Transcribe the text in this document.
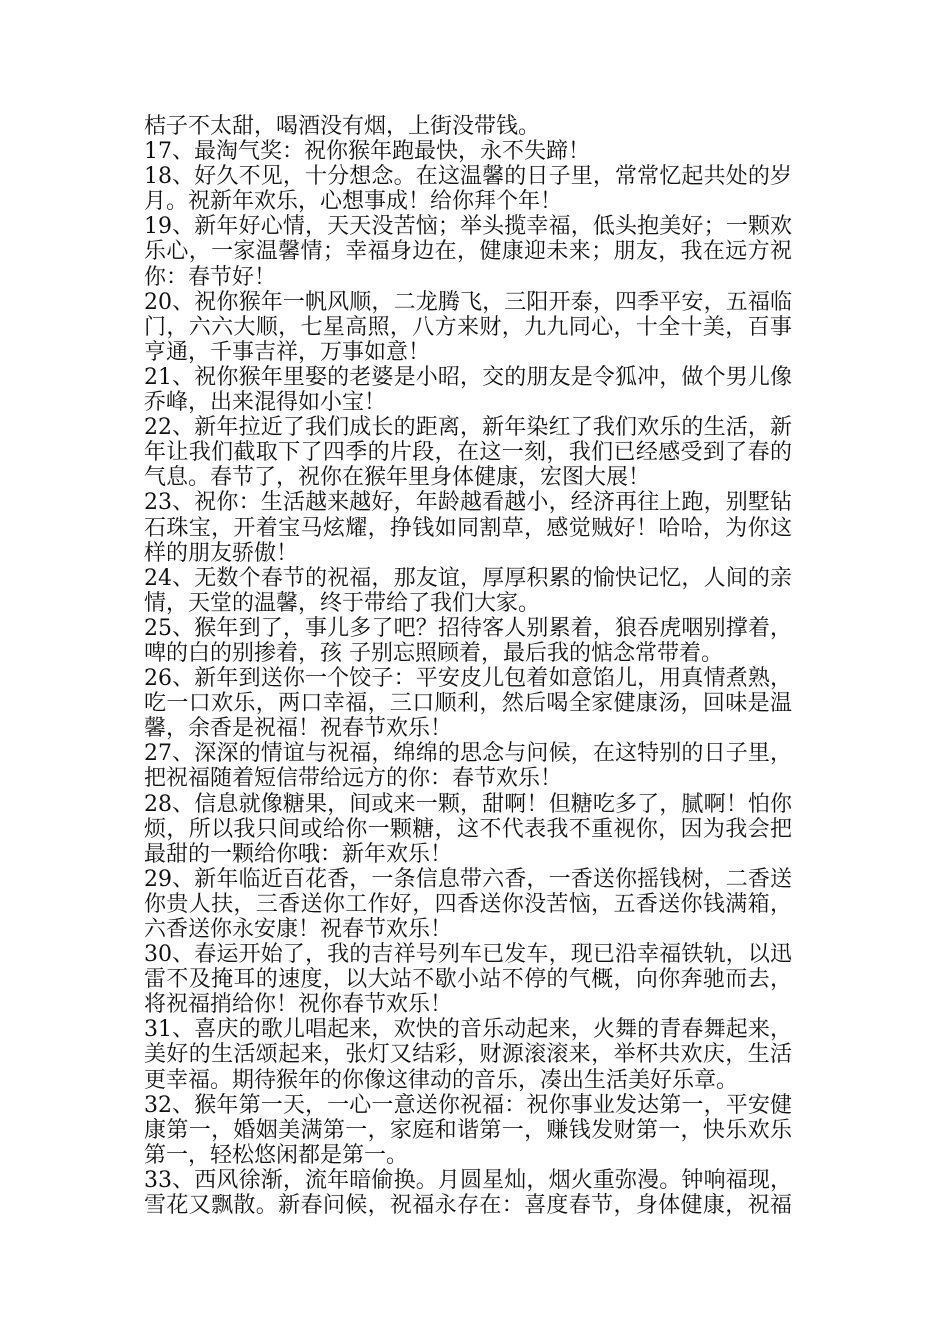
桔子不太甜，喝酒没有烟，上街没带钱。
17、最淘气奖：祝你猴年跑最快，永不失蹄！
18、好久不见，十分想念。在这温馨的日子里，常常忆起共处的岁
月。祝新年欢乐，心想事成！给你拜个年！
19、新年好心情，天天没苦恼；举头揽幸福，低头抱美好；一颗欢
乐心，一家温馨情；幸福身边在，健康迎未来；朋友，我在远方祝
你：春节好！
20、祝你猴年一帆风顺，二龙腾飞，三阳开泰，四季平安，五福临
门，六六大顺，七星高照，八方来财，九九同心，十全十美，百事
亨通，千事吉祥，万事如意！
21、祝你猴年里娶的老婆是小昭，交的朋友是令狐冲，做个男儿像
乔峰，出来混得如小宝！
22、新年拉近了我们成长的距离，新年染红了我们欢乐的生活，新
年让我们截取下了四季的片段，在这一刻，我们已经感受到了春的
气息。春节了，祝你在猴年里身体健康，宏图大展！
23、祝你：生活越来越好，年龄越看越小，经济再往上跑，别墅钻
石珠宝，开着宝马炫耀，挣钱如同割草，感觉贼好！哈哈，为你这
样的朋友骄傲！
24、无数个春节的祝福，那友谊，厚厚积累的愉快记忆，人间的亲
情，天堂的温馨，终于带给了我们大家。
25、猴年到了，事儿多了吧？招待客人别累着，狼吞虎咽别撑着，
啤的白的别掺着，孩 子别忘照顾着，最后我的惦念常带着。
26、新年到送你一个饺子：平安皮儿包着如意馅儿，用真情煮熟，
吃一口欢乐，两口幸福，三口顺利，然后喝全家健康汤，回味是温
馨，余香是祝福！祝春节欢乐！
27、深深的情谊与祝福，绵绵的思念与问候，在这特别的日子里，
把祝福随着短信带给远方的你：春节欢乐！
28、信息就像糖果，间或来一颗，甜啊！但糖吃多了，腻啊！怕你
烦，所以我只间或给你一颗糖，这不代表我不重视你，因为我会把
最甜的一颗给你哦：新年欢乐！
29、新年临近百花香，一条信息带六香，一香送你摇钱树，二香送
你贵人扶，三香送你工作好，四香送你没苦恼，五香送你钱满箱，
六香送你永安康！祝春节欢乐！
30、春运开始了，我的吉祥号列车已发车，现已沿幸福铁轨，以迅
雷不及掩耳的速度，以大站不歇小站不停的气概，向你奔驰而去，
将祝福捎给你！祝你春节欢乐！
31、喜庆的歌儿唱起来，欢快的音乐动起来，火舞的青春舞起来，
美好的生活颂起来，张灯又结彩，财源滚滚来，举杯共欢庆，生活
更幸福。期待猴年的你像这律动的音乐，凑出生活美好乐章。
32、猴年第一天，一心一意送你祝福：祝你事业发达第一，平安健
康第一，婚姻美满第一，家庭和谐第一，赚钱发财第一，快乐欢乐
第一，轻松悠闲都是第一。
33、西风徐渐，流年暗偷换。月圆星灿，烟火重弥漫。钟响福现，
雪花又飘散。新春问候，祝福永存在：喜度春节，身体健康，祝福
